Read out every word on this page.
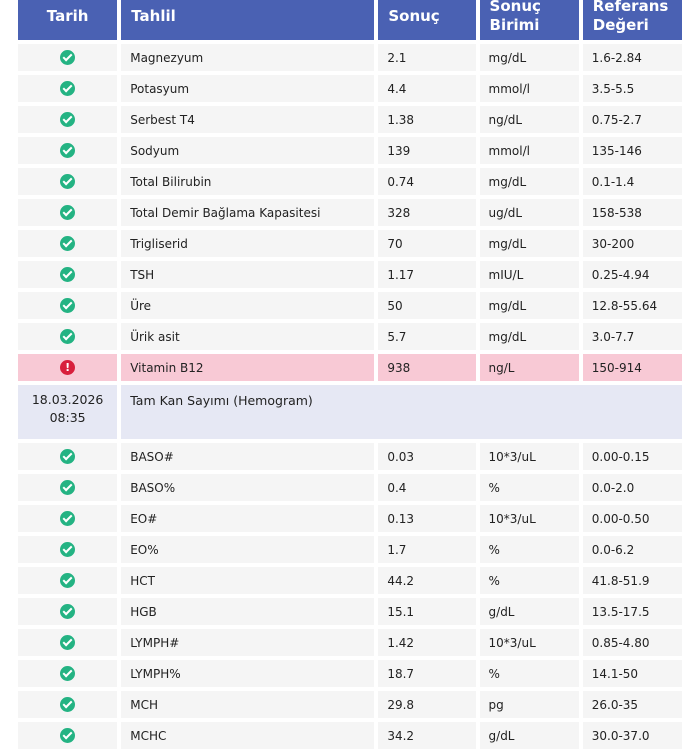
Tarih	Tahlil	Sonuç	Sonuç Birimi	Referans Değeri
	Magnezyum	2.1	mg/dL	1.6-2.84
	Potasyum	4.4	mmol/l	3.5-5.5
	Serbest T4	1.38	ng/dL	0.75-2.7
	Sodyum	139	mmol/l	135-146
	Total Bilirubin	0.74	mg/dL	0.1-1.4
	Total Demir Bağlama Kapasitesi	328	ug/dL	158-538
	Trigliserid	70	mg/dL	30-200
	TSH	1.17	mIU/L	0.25-4.94
	Üre	50	mg/dL	12.8-55.64
	Ürik asit	5.7	mg/dL	3.0-7.7
!	Vitamin B12	938	ng/L	150-914
18.03.2026
08:35	Tam Kan Sayımı (Hemogram)			
	BASO#	0.03	10*3/uL	0.00-0.15
	BASO%	0.4	%	0.0-2.0
	EO#	0.13	10*3/uL	0.00-0.50
	EO%	1.7	%	0.0-6.2
	HCT	44.2	%	41.8-51.9
	HGB	15.1	g/dL	13.5-17.5
	LYMPH#	1.42	10*3/uL	0.85-4.80
	LYMPH%	18.7	%	14.1-50
	MCH	29.8	pg	26.0-35
	MCHC	34.2	g/dL	30.0-37.0
